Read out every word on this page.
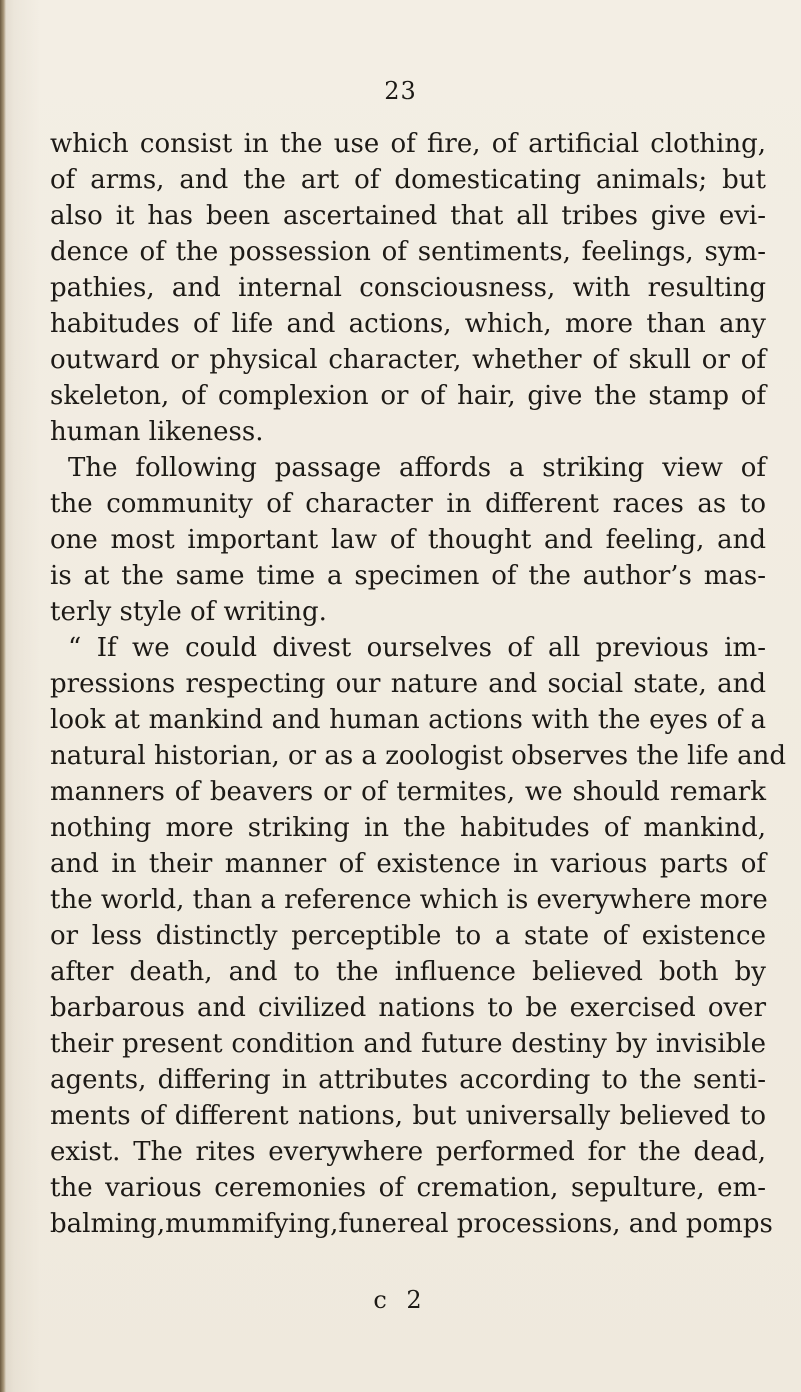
23
which consist in the use of fire, of artificial clothing,
of arms, and the art of domesticating animals; but
also it has been ascertained that all tribes give evi-
dence of the possession of sentiments, feelings, sym-
pathies, and internal consciousness, with resulting
habitudes of life and actions, which, more than any
outward or physical character, whether of skull or of
skeleton, of complexion or of hair, give the stamp of
human likeness.
The following passage affords a striking view of
the community of character in different races as to
one most important law of thought and feeling, and
is at the same time a specimen of the author’s mas-
terly style of writing.
“ If we could divest ourselves of all previous im-
pressions respecting our nature and social state, and
look at mankind and human actions with the eyes of a
natural historian, or as a zoologist observes the life and
manners of beavers or of termites, we should remark
nothing more striking in the habitudes of mankind,
and in their manner of existence in various parts of
the world, than a reference which is everywhere more
or less distinctly perceptible to a state of existence
after death, and to the influence believed both by
barbarous and civilized nations to be exercised over
their present condition and future destiny by invisible
agents, differing in attributes according to the senti-
ments of different nations, but universally believed to
exist. The rites everywhere performed for the dead,
the various ceremonies of cremation, sepulture, em-
balming,mummifying,funereal processions, and pomps
c 2
